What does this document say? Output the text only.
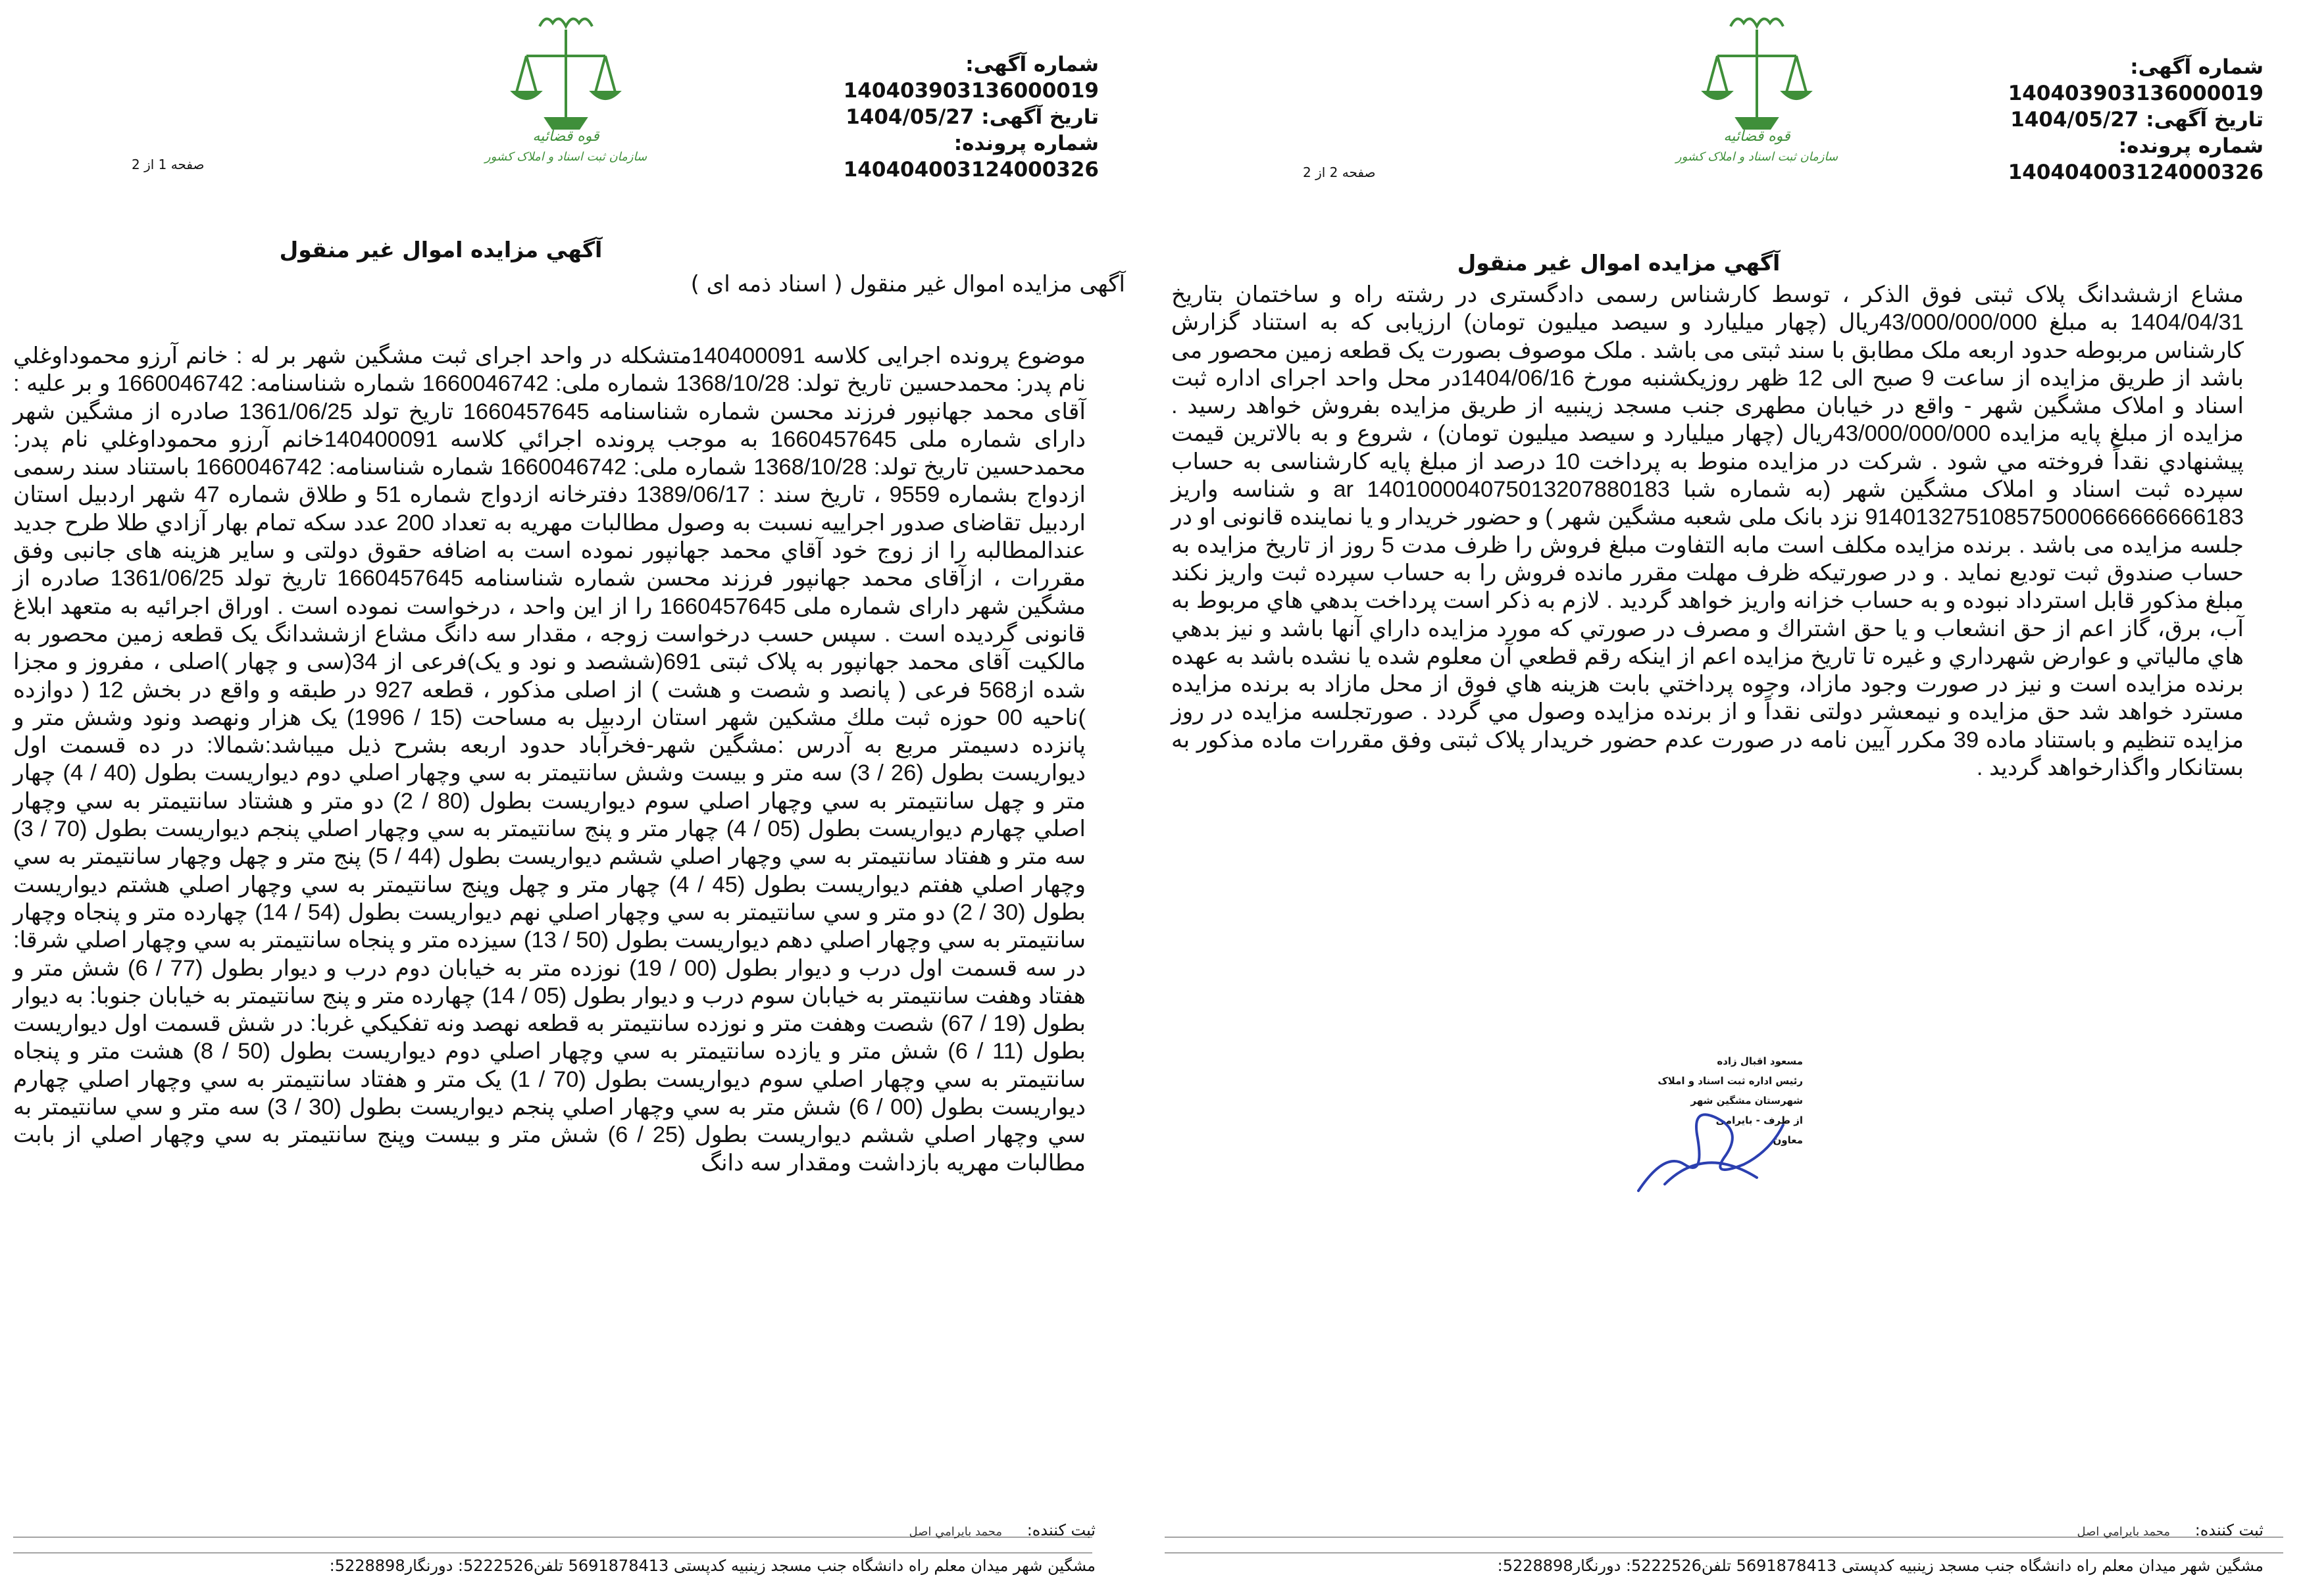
قوه قضائیه
سازمان ثبت اسناد و املاک کشور
شماره آگهی: 140403903136000019
تاریخ آگهی: 1404/05/27
شماره پرونده: 140404003124000326
صفحه 1 از 2
آگهي مزايده اموال غير منقول
آگهی مزایده اموال غیر منقول ( اسناد ذمه ای )
موضوع پرونده اجرایی کلاسه 140400091متشکله در واحد اجرای ثبت مشگین شهر بر له : خانم آرزو محموداوغلي نام پدر: محمدحسین تاریخ تولد: 1368/10/28 شماره ملی: 1660046742 شماره شناسنامه: 1660046742 و بر علیه : آقای محمد جهانپور فرزند محسن شماره شناسنامه 1660457645 تاریخ تولد 1361/06/25 صادره از مشگین شهر دارای شماره ملی 1660457645 به موجب پرونده اجرائي كلاسه 140400091خانم آرزو محموداوغلي نام پدر: محمدحسین تاریخ تولد: 1368/10/28 شماره ملی: 1660046742 شماره شناسنامه: 1660046742 باستناد سند رسمی ازدواج بشماره 9559 ، تاریخ سند : 1389/06/17 دفترخانه ازدواج شماره 51 و طلاق شماره 47 شهر اردبیل استان اردبیل تقاضای صدور اجراییه نسبت به وصول مطالبات مهریه به تعداد 200 عدد سکه تمام بهار آزادي طلا طرح جدید عندالمطالبه را از زوج خود آقاي محمد جهانپور نموده است به اضافه حقوق دولتی و سایر هزینه های جانبی وفق مقررات ، ازآقای محمد جهانپور فرزند محسن شماره شناسنامه 1660457645 تاریخ تولد 1361/06/25 صادره از مشگین شهر دارای شماره ملی 1660457645 را از این واحد ، درخواست نموده است . اوراق اجرائیه به متعهد ابلاغ قانونی گردیده است . سپس حسب درخواست زوجه ، مقدار سه دانگ مشاع ازششدانگ یک قطعه زمین محصور به مالکیت آقای محمد جهانپور به پلاک ثبتی 691(ششصد و نود و یک)فرعی از 34(سی و چهار )اصلی ، مفروز و مجزا شده از568 فرعی ( پانصد و شصت و هشت ) از اصلی مذکور ، قطعه 927 در طبقه و واقع در بخش 12 ( دوازده )ناحیه 00 حوزه ثبت ملك مشكین شهر استان اردبیل به مساحت (15 / 1996) یک هزار ونهصد ونود وشش متر و پانزده دسیمتر مربع به آدرس :مشگین شهر-فخرآباد حدود اربعه بشرح ذیل میباشد:شمالا: در ده قسمت اول دیواریست بطول (26 / 3) سه متر و بیست وشش سانتیمتر به سي وچهار اصلي دوم دیواریست بطول (40 / 4) چهار متر و چهل سانتیمتر به سي وچهار اصلي سوم دیواریست بطول (80 / 2) دو متر و هشتاد سانتیمتر به سي وچهار اصلي چهارم دیواریست بطول (05 / 4) چهار متر و پنج سانتیمتر به سي وچهار اصلي پنجم دیواریست بطول (70 / 3) سه متر و هفتاد سانتیمتر به سي وچهار اصلي ششم دیواریست بطول (44 / 5) پنج متر و چهل وچهار سانتیمتر به سي وچهار اصلي هفتم دیواریست بطول (45 / 4) چهار متر و چهل وپنج سانتیمتر به سي وچهار اصلي هشتم دیواریست بطول (30 / 2) دو متر و سي سانتیمتر به سي وچهار اصلي نهم دیواریست بطول (54 / 14) چهارده متر و پنجاه وچهار سانتیمتر به سي وچهار اصلي دهم دیواریست بطول (50 / 13) سیزده متر و پنجاه سانتیمتر به سي وچهار اصلي شرقا: در سه قسمت اول درب و دیوار بطول (00 / 19) نوزده متر به خیابان دوم درب و دیوار بطول (77 / 6) شش متر و هفتاد وهفت سانتیمتر به خیابان سوم درب و دیوار بطول (05 / 14) چهارده متر و پنج سانتیمتر به خیابان جنوبا: به دیوار بطول (19 / 67) شصت وهفت متر و نوزده سانتیمتر به قطعه نهصد ونه تفکیکي غربا: در شش قسمت اول دیواریست بطول (11 / 6) شش متر و یازده سانتیمتر به سي وچهار اصلي دوم دیواریست بطول (50 / 8) هشت متر و پنجاه سانتیمتر به سي وچهار اصلي سوم دیواریست بطول (70 / 1) یک متر و هفتاد سانتیمتر به سي وچهار اصلي چهارم دیواریست بطول (00 / 6) شش متر به سي وچهار اصلي پنجم دیواریست بطول (30 / 3) سه متر و سي سانتیمتر به سي وچهار اصلي ششم دیواریست بطول (25 / 6) شش متر و بیست وپنج سانتیمتر به سي وچهار اصلي از بابت مطالبات مهریه بازداشت ومقدار سه دانگ
ثبت کننده: محمد بايرامي اصل
مشگین شهر میدان معلم راه دانشگاه جنب مسجد زینبیه کدپستی 5691878413 تلفن5222526: دورنگار5228898:
قوه قضائیه
سازمان ثبت اسناد و املاک کشور
شماره آگهی: 140403903136000019
تاریخ آگهی: 1404/05/27
شماره پرونده: 140404003124000326
صفحه 2 از 2
آگهي مزايده اموال غير منقول
مشاع ازششدانگ پلاک ثبتی فوق الذکر ، توسط کارشناس رسمی دادگستری در رشته راه و ساختمان بتاریخ 1404/04/31 به مبلغ 43/000/000/000ریال (چهار میلیارد و سیصد میلیون تومان) ارزیابی که به استناد گزارش کارشناس مربوطه حدود اربعه ملک مطابق با سند ثبتی می باشد . ملک موصوف بصورت یک قطعه زمین محصور می باشد از طریق مزایده از ساعت 9 صبح الی 12 ظهر روزیکشنبه مورخ 1404/06/16در محل واحد اجرای اداره ثبت اسناد و املاک مشگین شهر - واقع در خیابان مطهری جنب مسجد زینبیه از طریق مزایده بفروش خواهد رسید . مزایده از مبلغ پایه مزایده 43/000/000/000ریال (چهار میلیارد و سیصد میلیون تومان) ، شروع و به بالاترین قیمت پیشنهادي نقداً فروخته مي شود . شرکت در مزایده منوط به پرداخت 10 درصد از مبلغ پایه کارشناسی به حساب سپرده ثبت اسناد و املاک مشگین شهر (به شماره شبا 140100004075013207880183 ar و شناسه واریز 914013275108575000666666666183 نزد بانک ملی شعبه مشگین شهر ) و حضور خریدار و یا نماینده قانونی او در جلسه مزایده می باشد . برنده مزایده مکلف است مابه التفاوت مبلغ فروش را ظرف مدت 5 روز از تاریخ مزایده به حساب صندوق ثبت تودیع نماید . و در صورتیکه ظرف مهلت مقرر مانده فروش را به حساب سپرده ثبت واریز نکند مبلغ مذکور قابل استرداد نبوده و به حساب خزانه واریز خواهد گردید . لازم به ذكر است پرداخت بدهي هاي مربوط به آب، برق، گاز اعم از حق انشعاب و يا حق اشتراك و مصرف در صورتي كه مورد مزايده داراي آنها باشد و نيز بدهي هاي مالياتي و عوارض شهرداري و غيره تا تاريخ مزايده اعم از اينكه رقم قطعي آن معلوم شده يا نشده باشد به عهده برنده مزايده است و نيز در صورت وجود مازاد، وجوه پرداختي بابت هزينه هاي فوق از محل مازاد به برنده مزايده مسترد خواهد شد حق مزايده و نيمعشر دولتی نقداً و از برنده مزايده وصول مي گردد . صورتجلسه مزایده در روز مزایده تنظیم و باستناد ماده 39 مکرر آیین نامه در صورت عدم حضور خریدار پلاک ثبتی وفق مقررات ماده مذکور به بستانکار واگذارخواهد گردید .
مسعود اقبال زاده
رئیس اداره ثبت اسناد و املاک
شهرستان مشگین شهر
از طرف - بایرامی
معاون
ثبت کننده: محمد بايرامي اصل
مشگین شهر میدان معلم راه دانشگاه جنب مسجد زینبیه کدپستی 5691878413 تلفن5222526: دورنگار5228898:
